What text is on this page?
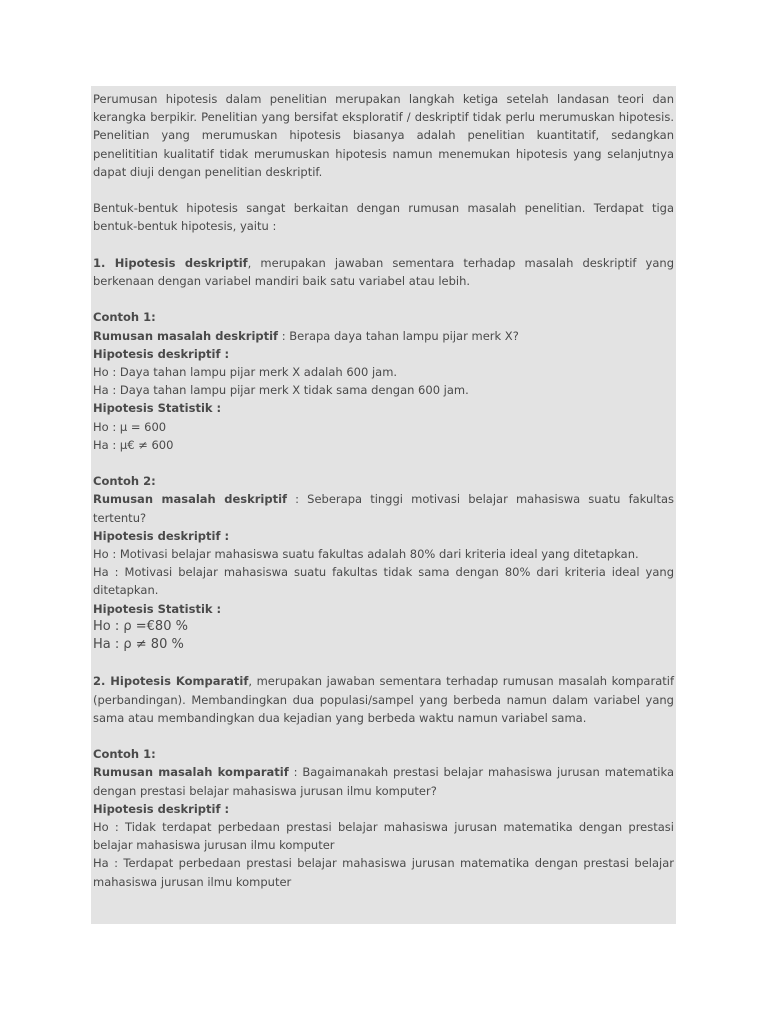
Perumusan hipotesis dalam penelitian merupakan langkah ketiga setelah landasan teori dan kerangka berpikir. Penelitian yang bersifat eksploratif / deskriptif tidak perlu merumuskan hipotesis. Penelitian yang merumuskan hipotesis biasanya adalah penelitian kuantitatif, sedangkan penelititian kualitatif tidak merumuskan hipotesis namun menemukan hipotesis yang selanjutnya dapat diuji dengan penelitian deskriptif.

Bentuk-bentuk hipotesis sangat berkaitan dengan rumusan masalah penelitian. Terdapat tiga bentuk-bentuk hipotesis, yaitu :

1. Hipotesis deskriptif, merupakan jawaban sementara terhadap masalah deskriptif yang berkenaan dengan variabel mandiri baik satu variabel atau lebih.

Contoh 1:

Rumusan masalah deskriptif : Berapa daya tahan lampu pijar merk X?

Hipotesis deskriptif :

Ho : Daya tahan lampu pijar merk X adalah 600 jam.

Ha : Daya tahan lampu pijar merk X tidak sama dengan 600 jam.

Hipotesis Statistik :

Ho : μ = 600

Ha : μ€ ≠ 600

Contoh 2:

Rumusan masalah deskriptif : Seberapa tinggi motivasi belajar mahasiswa suatu fakultas tertentu?

Hipotesis deskriptif :

Ho : Motivasi belajar mahasiswa suatu fakultas adalah 80% dari kriteria ideal yang ditetapkan.

Ha : Motivasi belajar mahasiswa suatu fakultas tidak sama dengan 80% dari kriteria ideal yang ditetapkan.

Hipotesis Statistik :

Ho : ρ =€80 %

Ha : ρ ≠ 80 %

2. Hipotesis Komparatif, merupakan jawaban sementara terhadap rumusan masalah komparatif (perbandingan). Membandingkan dua populasi/sampel yang berbeda namun dalam variabel yang sama atau membandingkan dua kejadian yang berbeda waktu namun variabel sama.

Contoh 1:

Rumusan masalah komparatif : Bagaimanakah prestasi belajar mahasiswa jurusan matematika dengan prestasi belajar mahasiswa jurusan ilmu komputer?

Hipotesis deskriptif :

Ho : Tidak terdapat perbedaan prestasi belajar mahasiswa jurusan matematika dengan prestasi belajar mahasiswa jurusan ilmu komputer

Ha : Terdapat perbedaan prestasi belajar mahasiswa jurusan matematika dengan prestasi belajar mahasiswa jurusan ilmu komputer
